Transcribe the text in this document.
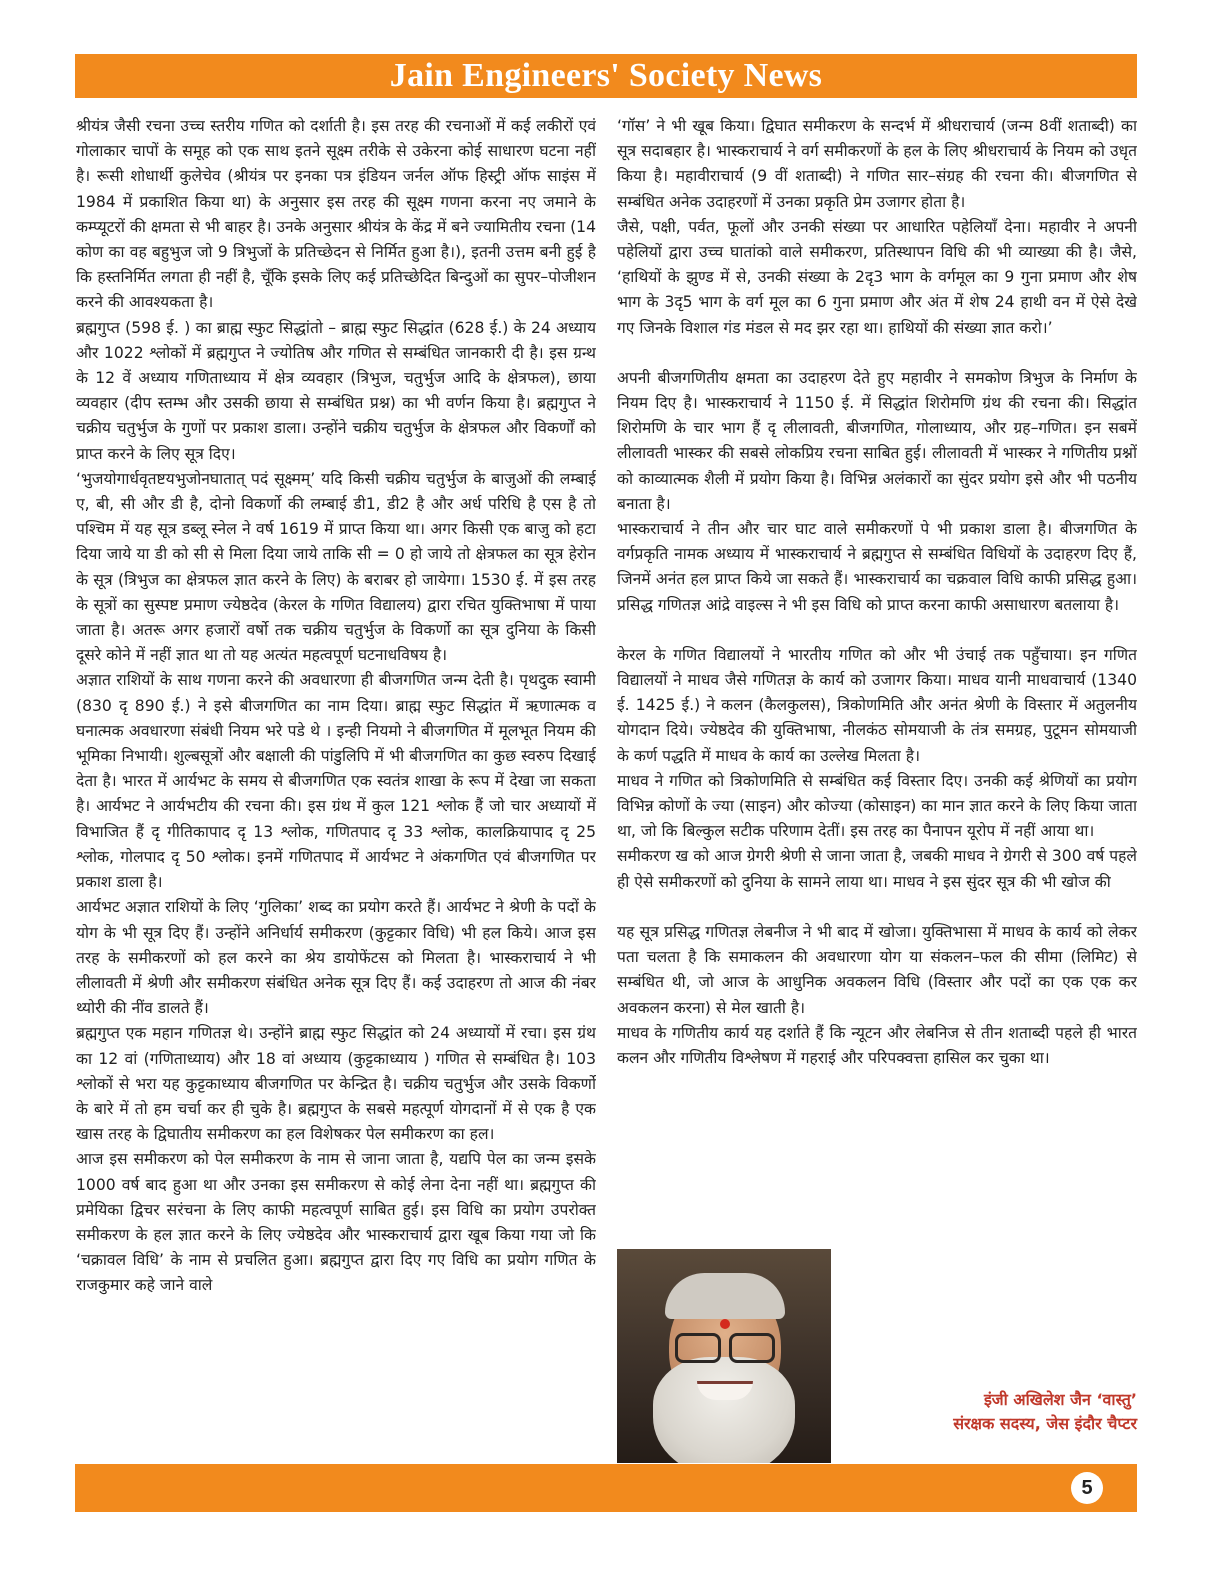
Jain Engineers' Society News

श्रीयंत्र जैसी रचना उच्च स्तरीय गणित को दर्शाती है। इस तरह की रचनाओं में कई लकीरों एवं गोलाकार चापों के समूह को एक साथ इतने सूक्ष्म तरीके से उकेरना कोई साधारण घटना नहीं है। रूसी शोधार्थी कुलेचेव (श्रीयंत्र पर इनका पत्र इंडियन जर्नल ऑफ हिस्ट्री ऑफ साइंस में 1984 में प्रकाशित किया था) के अनुसार इस तरह की सूक्ष्म गणना करना नए जमाने के कम्प्यूटरों की क्षमता से भी बाहर है। उनके अनुसार श्रीयंत्र के केंद्र में बने ज्यामितीय रचना (14 कोण का वह बहुभुज जो 9 त्रिभुजों के प्रतिच्छेदन से निर्मित हुआ है।), इतनी उत्तम बनी हुई है कि हस्तनिर्मित लगता ही नहीं है, चूँकि इसके लिए कई प्रतिच्छेदित बिन्दुओं का सुपर–पोजीशन करने की आवश्यकता है।

ब्रह्मगुप्त (598 ई. ) का ब्राह्म स्फुट सिद्धांतो – ब्राह्म स्फुट सिद्धांत (628 ई.) के 24 अध्याय और 1022 श्लोकों में ब्रह्मगुप्त ने ज्योतिष और गणित से सम्बंधित जानकारी दी है। इस ग्रन्थ के 12 वें अध्याय गणिताध्याय में क्षेत्र व्यवहार (त्रिभुज, चतुर्भुज आदि के क्षेत्रफल), छाया व्यवहार (दीप स्तम्भ और उसकी छाया से सम्बंधित प्रश्न) का भी वर्णन किया है। ब्रह्मगुप्त ने चक्रीय चतुर्भुज के गुणों पर प्रकाश डाला। उन्होंने चक्रीय चतुर्भुज के क्षेत्रफल और विकर्णों को प्राप्त करने के लिए सूत्र दिए।

‘भुजयोगार्धवृतष्टयभुजोनघातात् पदं सूक्ष्मम्’ यदि किसी चक्रीय चतुर्भुज के बाजुओं की लम्बाई ए, बी, सी और डी है, दोनो विकर्णो की लम्बाई डी1, डी2 है और अर्ध परिधि है एस है तो पश्चिम में यह सूत्र डब्लू स्नेल ने वर्ष 1619 में प्राप्त किया था। अगर किसी एक बाजु को हटा दिया जाये या डी को सी से मिला दिया जाये ताकि सी = 0 हो जाये तो क्षेत्रफल का सूत्र हेरोन के सूत्र (त्रिभुज का क्षेत्रफल ज्ञात करने के लिए) के बराबर हो जायेगा। 1530 ई. में इस तरह के सूत्रों का सुस्पष्ट प्रमाण ज्येष्ठदेव (केरल के गणित विद्यालय) द्वारा रचित युक्तिभाषा में पाया जाता है। अतरू अगर हजारों वर्षो तक चक्रीय चतुर्भुज के विकर्णो का सूत्र दुनिया के किसी दूसरे कोने में नहीं ज्ञात था तो यह अत्यंत महत्वपूर्ण घटनाधविषय है।

अज्ञात राशियों के साथ गणना करने की अवधारणा ही बीजगणित जन्म देती है। पृथदुक स्वामी (830 दृ 890 ई.) ने इसे बीजगणित का नाम दिया। ब्राह्म स्फुट सिद्धांत में ऋणात्मक व घनात्मक अवधारणा संबंधी नियम भरे पडे थे । इन्ही नियमो ने बीजगणित में मूलभूत नियम की भूमिका निभायी। शुल्बसूत्रों और बक्षाली की पांडुलिपि में भी बीजगणित का कुछ स्वरुप दिखाई देता है। भारत में आर्यभट के समय से बीजगणित एक स्वतंत्र शाखा के रूप में देखा जा सकता है। आर्यभट ने आर्यभटीय की रचना की। इस ग्रंथ में कुल 121 श्लोक हैं जो चार अध्यायों में विभाजित हैं दृ गीतिकापाद दृ 13 श्लोक, गणितपाद दृ 33 श्लोक, कालक्रियापाद दृ 25 श्लोक, गोलपाद दृ 50 श्लोक। इनमें गणितपाद में आर्यभट ने अंकगणित एवं बीजगणित पर प्रकाश डाला है।

आर्यभट अज्ञात राशियों के लिए ‘गुलिका’ शब्द का प्रयोग करते हैं। आर्यभट ने श्रेणी के पदों के योग के भी सूत्र दिए हैं। उन्होंने अनिर्धार्य समीकरण (कुट्टकार विधि) भी हल किये। आज इस तरह के समीकरणों को हल करने का श्रेय डायोफेंटस को मिलता है। भास्कराचार्य ने भी लीलावती में श्रेणी और समीकरण संबंधित अनेक सूत्र दिए हैं। कई उदाहरण तो आज की नंबर थ्योरी की नींव डालते हैं।

ब्रह्मगुप्त एक महान गणितज्ञ थे। उन्होंने ब्राह्म स्फुट सिद्धांत को 24 अध्यायों में रचा। इस ग्रंथ का 12 वां (गणिताध्याय) और 18 वां अध्याय (कुट्टकाध्याय ) गणित से सम्बंधित है। 103 श्लोकों से भरा यह कुट्टकाध्याय बीजगणित पर केन्द्रित है। चक्रीय चतुर्भुज और उसके विकर्णो के बारे में तो हम चर्चा कर ही चुके है। ब्रह्मगुप्त के सबसे महत्पूर्ण योगदानों में से एक है एक खास तरह के द्विघातीय समीकरण का हल विशेषकर पेल समीकरण का हल।

आज इस समीकरण को पेल समीकरण के नाम से जाना जाता है, यद्यपि पेल का जन्म इसके 1000 वर्ष बाद हुआ था और उनका इस समीकरण से कोई लेना देना नहीं था। ब्रह्मगुप्त की प्रमेयिका द्विचर सरंचना के लिए काफी महत्वपूर्ण साबित हुई। इस विधि का प्रयोग उपरोक्त समीकरण के हल ज्ञात करने के लिए ज्येष्ठदेव और भास्कराचार्य द्वारा खूब किया गया जो कि ‘चक्रावल विधि’ के नाम से प्रचलित हुआ। ब्रह्मगुप्त द्वारा दिए गए विधि का प्रयोग गणित के राजकुमार कहे जाने वाले

‘गॉस’ ने भी खूब किया। द्विघात समीकरण के सन्दर्भ में श्रीधराचार्य (जन्म 8वीं शताब्दी) का सूत्र सदाबहार है। भास्कराचार्य ने वर्ग समीकरणों के हल के लिए श्रीधराचार्य के नियम को उधृत किया है। महावीराचार्य (9 वीं शताब्दी) ने गणित सार–संग्रह की रचना की। बीजगणित से सम्बंधित अनेक उदाहरणों में उनका प्रकृति प्रेम उजागर होता है।

जैसे, पक्षी, पर्वत, फूलों और उनकी संख्या पर आधारित पहेलियाँ देना। महावीर ने अपनी पहेलियों द्वारा उच्च घातांको वाले समीकरण, प्रतिस्थापन विधि की भी व्याख्या की है। जैसे, ‘हाथियों के झुण्ड में से, उनकी संख्या के 2दृ3 भाग के वर्गमूल का 9 गुना प्रमाण और शेष भाग के 3दृ5 भाग के वर्ग मूल का 6 गुना प्रमाण और अंत में शेष 24 हाथी वन में ऐसे देखे गए जिनके विशाल गंड मंडल से मद झर रहा था। हाथियों की संख्या ज्ञात करो।’

अपनी बीजगणितीय क्षमता का उदाहरण देते हुए महावीर ने समकोण त्रिभुज के निर्माण के नियम दिए है। भास्कराचार्य ने 1150 ई. में सिद्धांत शिरोमणि ग्रंथ की रचना की। सिद्धांत शिरोमणि के चार भाग हैं दृ लीलावती, बीजगणित, गोलाध्याय, और ग्रह–गणित। इन सबमें लीलावती भास्कर की सबसे लोकप्रिय रचना साबित हुई। लीलावती में भास्कर ने गणितीय प्रश्नों को काव्यात्मक शैली में प्रयोग किया है। विभिन्न अलंकारों का सुंदर प्रयोग इसे और भी पठनीय बनाता है।

भास्कराचार्य ने तीन और चार घाट वाले समीकरणों पे भी प्रकाश डाला है। बीजगणित के वर्गप्रकृति नामक अध्याय में भास्कराचार्य ने ब्रह्मगुप्त से सम्बंधित विधियों के उदाहरण दिए हैं, जिनमें अनंत हल प्राप्त किये जा सकते हैं। भास्कराचार्य का चक्रवाल विधि काफी प्रसिद्ध हुआ। प्रसिद्ध गणितज्ञ आंद्रे वाइल्स ने भी इस विधि को प्राप्त करना काफी असाधारण बतलाया है।

केरल के गणित विद्यालयों ने भारतीय गणित को और भी उंचाई तक पहुँचाया। इन गणित विद्यालयों ने माधव जैसे गणितज्ञ के कार्य को उजागर किया। माधव यानी माधवाचार्य (1340 ई. 1425 ई.) ने कलन (कैलकुलस), त्रिकोणमिति और अनंत श्रेणी के विस्तार में अतुलनीय योगदान दिये। ज्येष्ठदेव की युक्तिभाषा, नीलकंठ सोमयाजी के तंत्र समग्रह, पुटूमन सोमयाजी के कर्ण पद्धति में माधव के कार्य का उल्लेख मिलता है।

माधव ने गणित को त्रिकोणमिति से सम्बंधित कई विस्तार दिए। उनकी कई श्रेणियों का प्रयोग विभिन्न कोणों के ज्या (साइन) और कोज्या (कोसाइन) का मान ज्ञात करने के लिए किया जाता था, जो कि बिल्कुल सटीक परिणाम देतीं। इस तरह का पैनापन यूरोप में नहीं आया था।

समीकरण ख को आज ग्रेगरी श्रेणी से जाना जाता है, जबकी माधव ने ग्रेगरी से 300 वर्ष पहले ही ऐसे समीकरणों को दुनिया के सामने लाया था। माधव ने इस सुंदर सूत्र की भी खोज की

यह सूत्र प्रसिद्ध गणितज्ञ लेबनीज ने भी बाद में खोजा। युक्तिभासा में माधव के कार्य को लेकर पता चलता है कि समाकलन की अवधारणा योग या संकलन–फल की सीमा (लिमिट) से सम्बंधित थी, जो आज के आधुनिक अवकलन विधि (विस्तार और पदों का एक एक कर अवकलन करना) से मेल खाती है।

माधव के गणितीय कार्य यह दर्शाते हैं कि न्यूटन और लेबनिज से तीन शताब्दी पहले ही भारत कलन और गणितीय विश्लेषण में गहराई और परिपक्वत्ता हासिल कर चुका था।

इंजी अखिलेश जैन ‘वास्तु’
संरक्षक सदस्य, जेस इंदौर चैप्टर
5
